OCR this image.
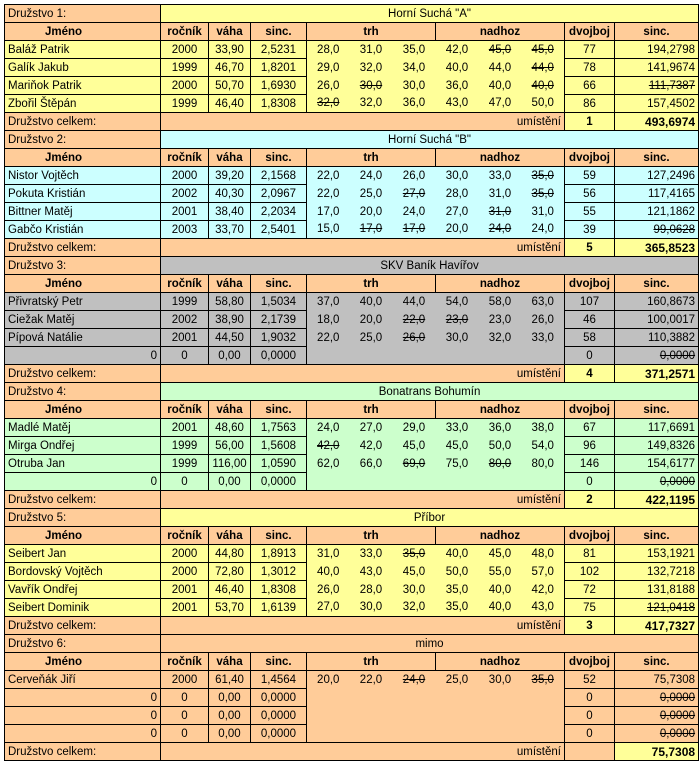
Družstvo 1:	Horní Suchá "A"										
Jméno	ročník	váha	sinc.	trh			nadhoz			dvojboj	sinc.
Baláž Patrik	2000	33,90	2,5231	28,0	31,0	35,0	42,0	45,0	45,0	77	194,2798
Galík Jakub	1999	46,70	1,8201	29,0	32,0	34,0	40,0	44,0	44,0	78	141,9674
Mariňok Patrik	2000	50,70	1,6930	26,0	30,0	30,0	36,0	40,0	40,0	66	111,7387
Zbořil Štěpán	1999	46,40	1,8308	32,0	32,0	36,0	43,0	47,0	50,0	86	157,4502
Družstvo celkem:	umístění									1	493,6974
Družstvo 2:	Horní Suchá "B"										
Jméno	ročník	váha	sinc.	trh			nadhoz			dvojboj	sinc.
Nistor Vojtěch	2000	39,20	2,1568	22,0	24,0	26,0	30,0	33,0	35,0	59	127,2496
Pokuta Kristián	2002	40,30	2,0967	22,0	25,0	27,0	28,0	31,0	35,0	56	117,4165
Bittner Matěj	2001	38,40	2,2034	17,0	20,0	24,0	27,0	31,0	31,0	55	121,1862
Gabčo Kristián	2003	33,70	2,5401	15,0	17,0	17,0	20,0	24,0	24,0	39	99,0628
Družstvo celkem:	umístění									5	365,8523
Družstvo 3:	SKV Baník Havířov										
Jméno	ročník	váha	sinc.	trh			nadhoz			dvojboj	sinc.
Přivratský Petr	1999	58,80	1,5034	37,0	40,0	44,0	54,0	58,0	63,0	107	160,8673
Ciežak Matěj	2002	38,90	2,1739	18,0	20,0	22,0	23,0	23,0	26,0	46	100,0017
Pípová Natálie	2001	44,50	1,9032	22,0	25,0	26,0	30,0	32,0	33,0	58	110,3882
0	0	0,00	0,0000							0	0,0000
Družstvo celkem:	umístění									4	371,2571
Družstvo 4:	Bonatrans Bohumín										
Jméno	ročník	váha	sinc.	trh			nadhoz			dvojboj	sinc.
Madlé Matěj	2001	48,60	1,7563	24,0	27,0	29,0	33,0	36,0	38,0	67	117,6691
Mirga Ondřej	1999	56,00	1,5608	42,0	42,0	45,0	45,0	50,0	54,0	96	149,8326
Otruba Jan	1999	116,00	1,0590	62,0	66,0	69,0	75,0	80,0	80,0	146	154,6177
0	0	0,00	0,0000							0	0,0000
Družstvo celkem:	umístění									2	422,1195
Družstvo 5:	Příbor										
Jméno	ročník	váha	sinc.	trh			nadhoz			dvojboj	sinc.
Seibert Jan	2000	44,80	1,8913	31,0	33,0	35,0	40,0	45,0	48,0	81	153,1921
Bordovský Vojtěch	2000	72,80	1,3012	40,0	43,0	45,0	50,0	55,0	57,0	102	132,7218
Vavřík Ondřej	2001	46,40	1,8308	26,0	28,0	30,0	35,0	40,0	42,0	72	131,8188
Seibert Dominik	2001	53,70	1,6139	27,0	30,0	32,0	35,0	40,0	43,0	75	121,0418
Družstvo celkem:	umístění									3	417,7327
Družstvo 6:	mimo										
Jméno	ročník	váha	sinc.	trh			nadhoz			dvojboj	sinc.
Cerveňák Jiří	2000	61,40	1,4564	20,0	22,0	24,0	25,0	30,0	35,0	52	75,7308
0	0	0,00	0,0000							0	0,0000
0	0	0,00	0,0000							0	0,0000
0	0	0,00	0,0000							0	0,0000
Družstvo celkem:	umístění										75,7308
